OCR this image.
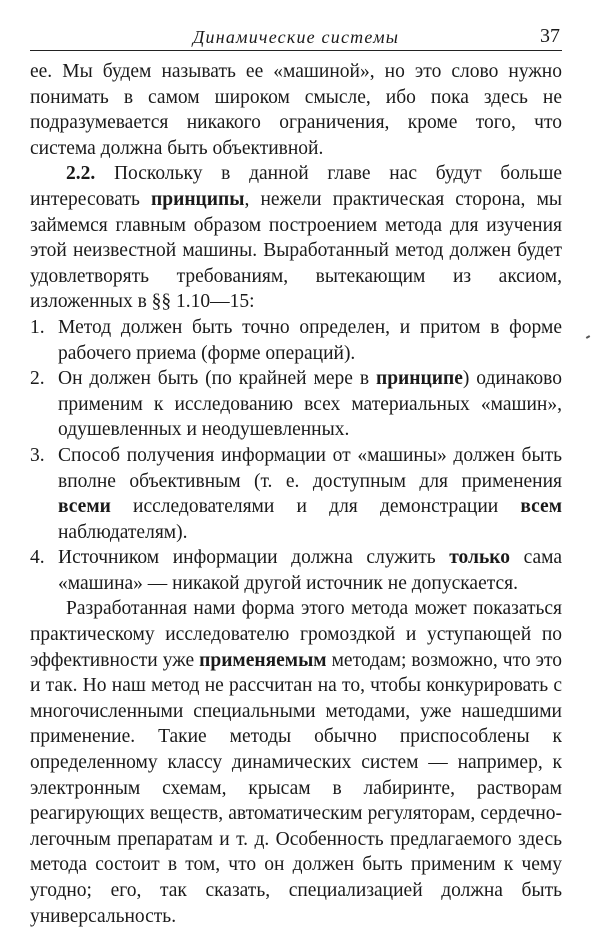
Динамические системы	37

ее. Мы будем называть ее «машиной», но это слово нужно понимать в самом широком смысле, ибо пока здесь не подразумевается никакого ограничения, кроме того, что система должна быть объективной.

2.2. Поскольку в данной главе нас будут больше интересовать принципы, нежели практическая сторона, мы займемся главным образом построением метода для изучения этой неизвестной машины. Выработанный метод должен будет удовлетворять требованиям, вытекающим из аксиом, изложенных в §§ 1.10—15:

1. Метод должен быть точно определен, и притом в форме рабочего приема (форме операций).
2. Он должен быть (по крайней мере в принципе) одинаково применим к исследованию всех материальных «машин», одушевленных и неодушевленных.
3. Способ получения информации от «машины» должен быть вполне объективным (т. е. доступным для применения всеми исследователями и для демонстрации всем наблюдателям).
4. Источником информации должна служить только сама «машина» — никакой другой источник не допускается.

Разработанная нами форма этого метода может показаться практическому исследователю громоздкой и уступающей по эффективности уже применяемым методам; возможно, что это и так. Но наш метод не рассчитан на то, чтобы конкурировать с многочисленными специальными методами, уже нашедшими применение. Такие методы обычно приспособлены к определенному классу динамических систем — например, к электронным схемам, крысам в лабиринте, растворам реагирующих веществ, автоматическим регуляторам, сердечно-легочным препаратам и т. д. Особенность предлагаемого здесь метода состоит в том, что он должен быть применим к чему угодно; его, так сказать, специализацией должна быть универсальность.
